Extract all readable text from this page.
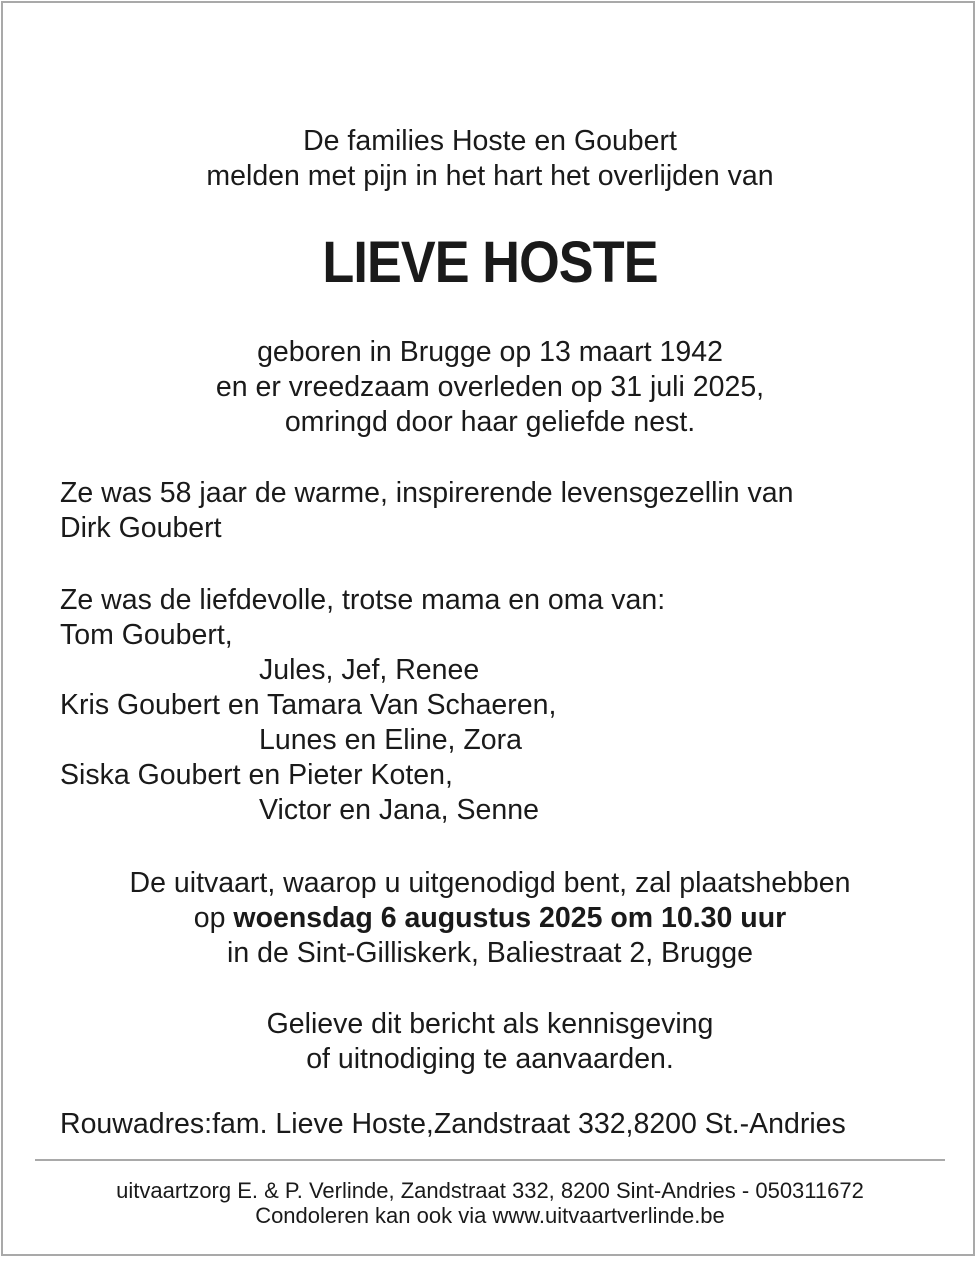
De families Hoste en Goubert
melden met pijn in het hart het overlijden van
LIEVE HOSTE
geboren in Brugge op 13 maart 1942
en er vreedzaam overleden op 31 juli 2025,
omringd door haar geliefde nest.
Ze was 58 jaar de warme, inspirerende levensgezellin van
Dirk Goubert
Ze was de liefdevolle, trotse mama en oma van:
Tom Goubert,
Jules, Jef, Renee
Kris Goubert en Tamara Van Schaeren,
Lunes en Eline, Zora
Siska Goubert en Pieter Koten,
Victor en Jana, Senne
De uitvaart, waarop u uitgenodigd bent, zal plaatshebben
op woensdag 6 augustus 2025 om 10.30 uur
in de Sint-Gilliskerk, Baliestraat 2, Brugge
Gelieve dit bericht als kennisgeving
of uitnodiging te aanvaarden.
Rouwadres:fam. Lieve Hoste,Zandstraat 332,8200 St.-Andries
uitvaartzorg E. & P. Verlinde, Zandstraat 332, 8200 Sint-Andries - 050311672
Condoleren kan ook via www.uitvaartverlinde.be
